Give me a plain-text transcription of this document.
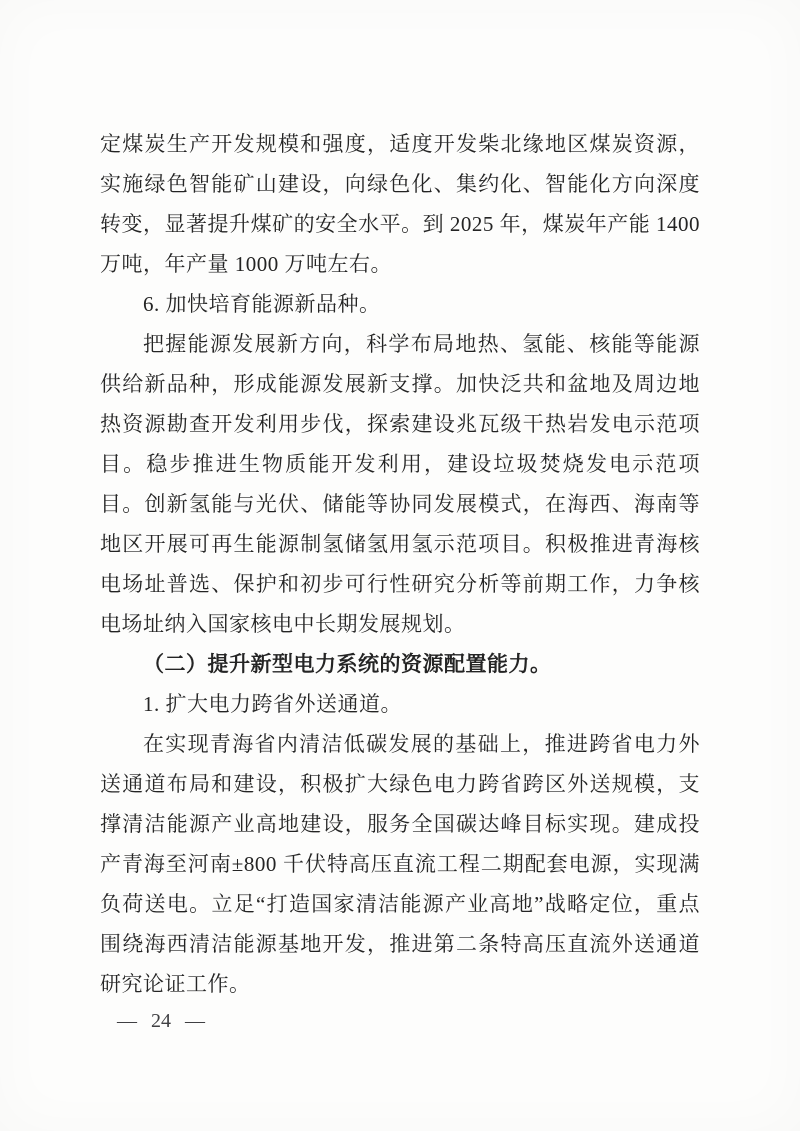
定煤炭生产开发规模和强度，适度开发柴北缘地区煤炭资源，实施绿色智能矿山建设，向绿色化、集约化、智能化方向深度转变，显著提升煤矿的安全水平。到 2025 年，煤炭年产能 1400 万吨，年产量 1000 万吨左右。

6. 加快培育能源新品种。

把握能源发展新方向，科学布局地热、氢能、核能等能源供给新品种，形成能源发展新支撑。加快泛共和盆地及周边地热资源勘查开发利用步伐，探索建设兆瓦级干热岩发电示范项目。稳步推进生物质能开发利用，建设垃圾焚烧发电示范项目。创新氢能与光伏、储能等协同发展模式，在海西、海南等地区开展可再生能源制氢储氢用氢示范项目。积极推进青海核电场址普选、保护和初步可行性研究分析等前期工作，力争核电场址纳入国家核电中长期发展规划。

（二）提升新型电力系统的资源配置能力。

1. 扩大电力跨省外送通道。

在实现青海省内清洁低碳发展的基础上，推进跨省电力外送通道布局和建设，积极扩大绿色电力跨省跨区外送规模，支撑清洁能源产业高地建设，服务全国碳达峰目标实现。建成投产青海至河南±800 千伏特高压直流工程二期配套电源，实现满负荷送电。立足“打造国家清洁能源产业高地”战略定位，重点围绕海西清洁能源基地开发，推进第二条特高压直流外送通道研究论证工作。

— 24 —
